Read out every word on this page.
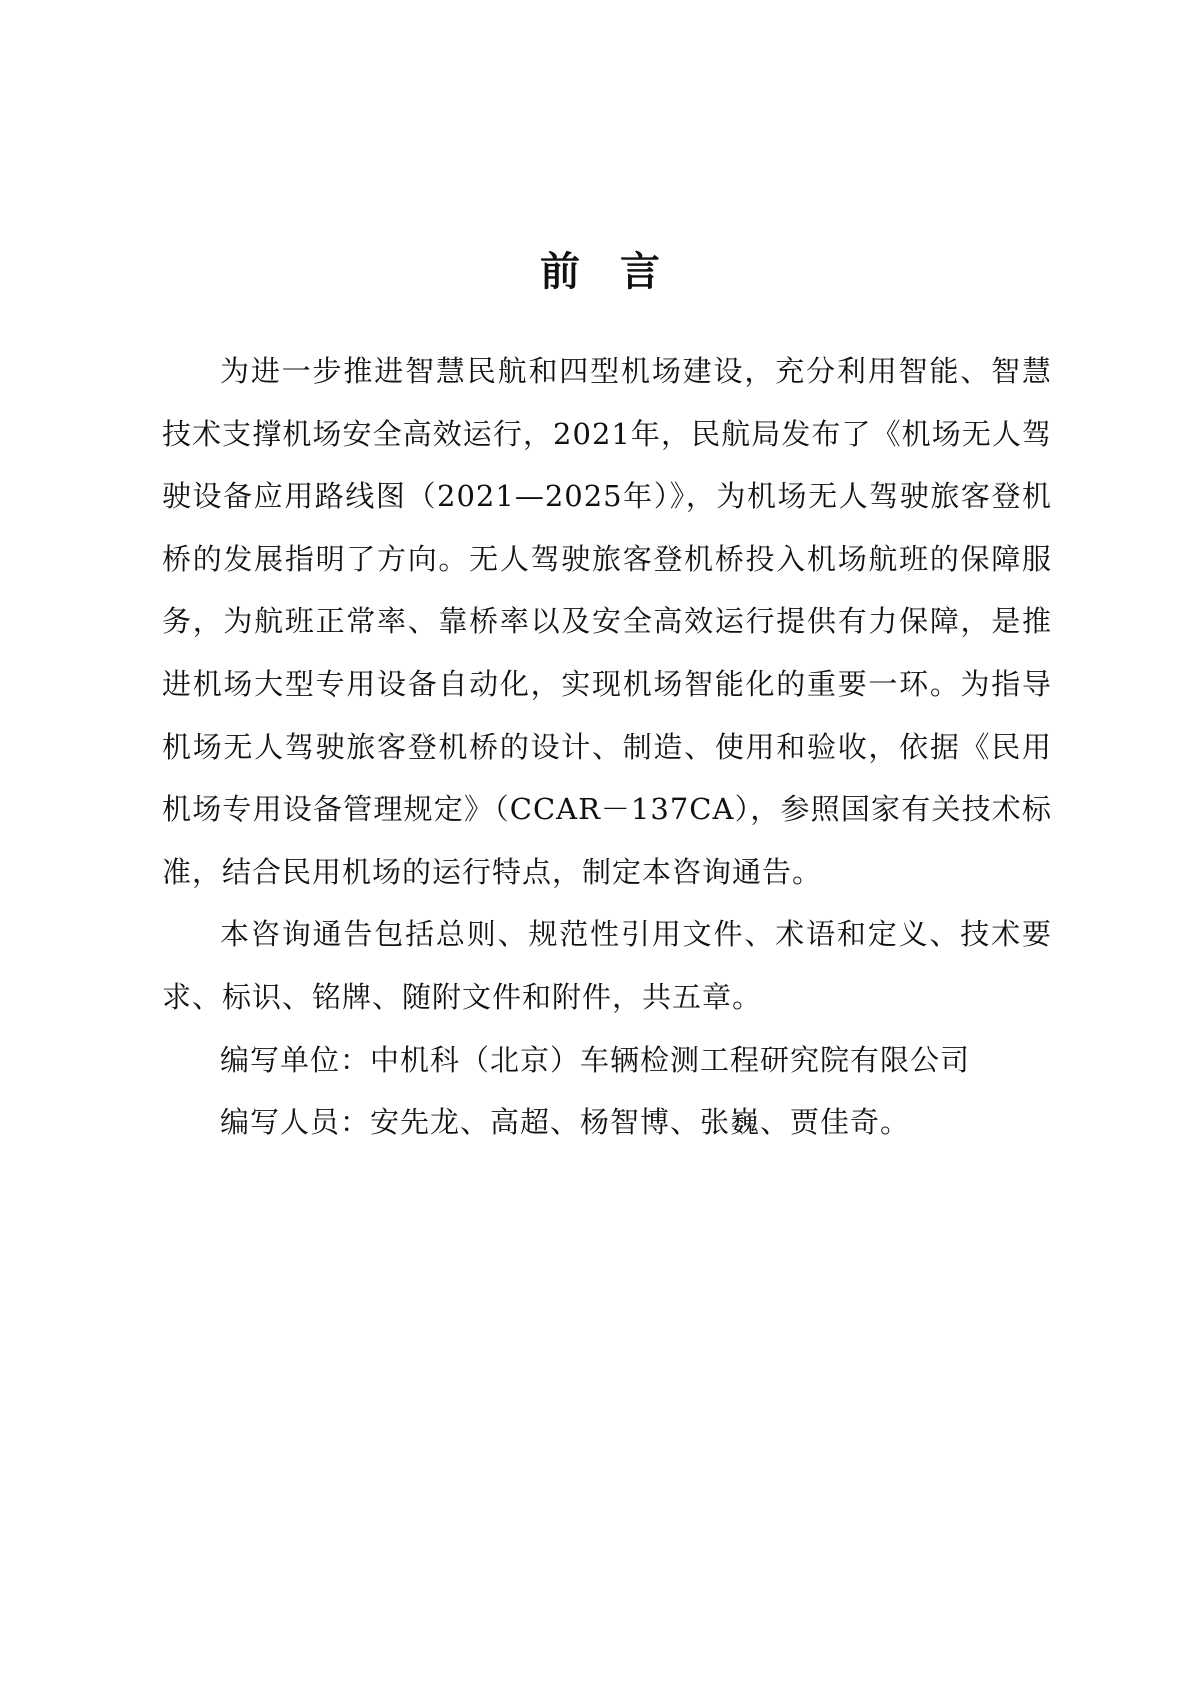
前　言

为进一步推进智慧民航和四型机场建设，充分利用智能、智慧技术支撑机场安全高效运行，2021年，民航局发布了《机场无人驾驶设备应用路线图（2021—2025年）》，为机场无人驾驶旅客登机桥的发展指明了方向。无人驾驶旅客登机桥投入机场航班的保障服务，为航班正常率、靠桥率以及安全高效运行提供有力保障，是推进机场大型专用设备自动化，实现机场智能化的重要一环。为指导机场无人驾驶旅客登机桥的设计、制造、使用和验收，依据《民用机场专用设备管理规定》（CCAR－137CA），参照国家有关技术标准，结合民用机场的运行特点，制定本咨询通告。

本咨询通告包括总则、规范性引用文件、术语和定义、技术要求、标识、铭牌、随附文件和附件，共五章。

编写单位：中机科（北京）车辆检测工程研究院有限公司

编写人员：安先龙、高超、杨智博、张巍、贾佳奇。
